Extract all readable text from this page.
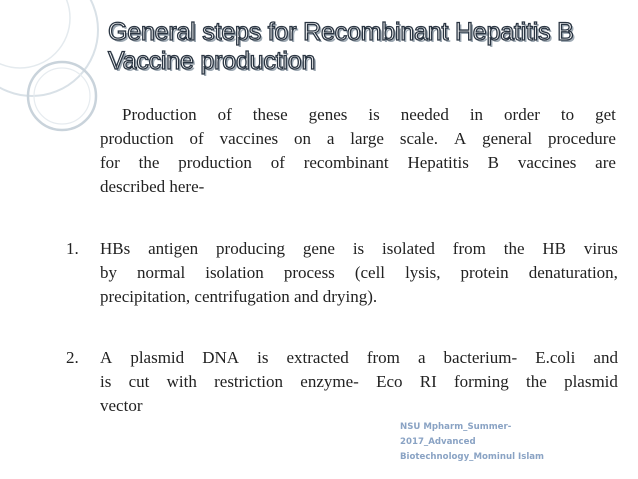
General steps for Recombinant Hepatitis B
Vaccine production
Production of these genes is needed in order to get
production of vaccines on a large scale. A general procedure
for the production of recombinant Hepatitis B vaccines are
described here-
1.	HBs antigen producing gene is isolated from the HB virus
by normal isolation process (cell lysis, protein denaturation,
precipitation, centrifugation and drying).
2.	A plasmid DNA is extracted from a bacterium- E.coli and
is cut with restriction enzyme- Eco RI forming the plasmid
vector
NSU Mpharm_Summer-
2017_Advanced
Biotechnology_Mominul Islam
